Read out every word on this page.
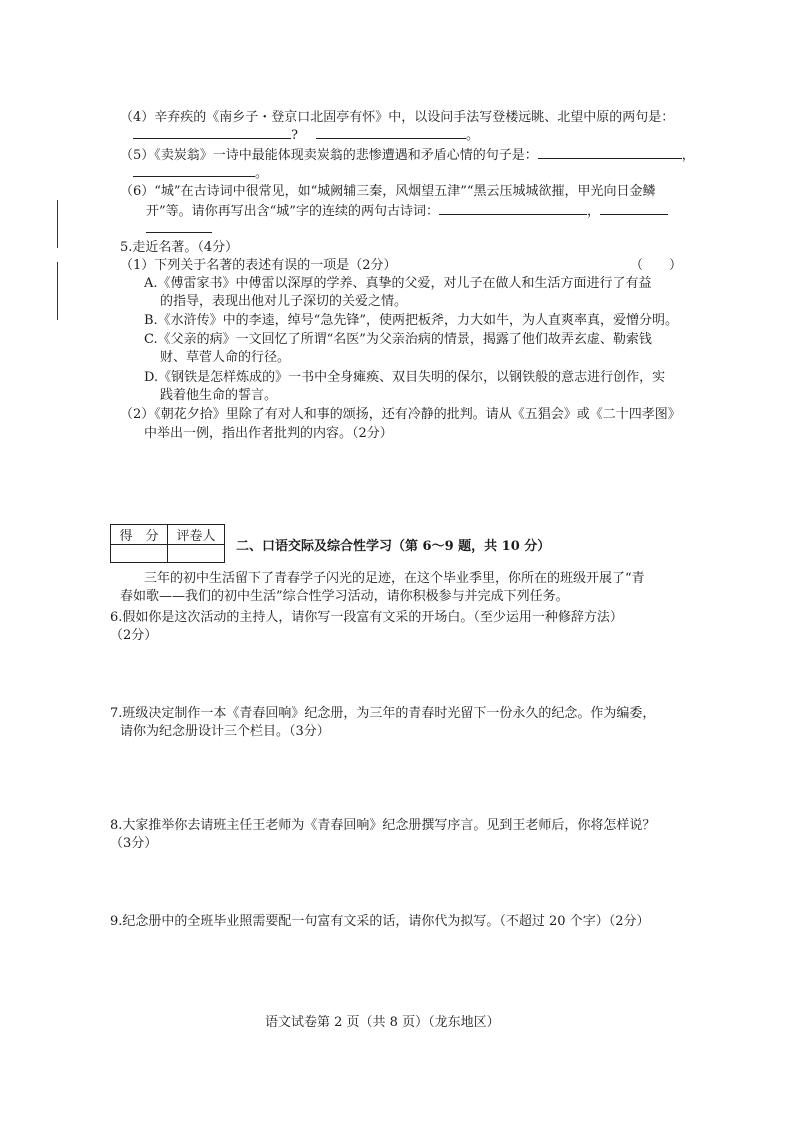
（4）辛弃疾的《南乡子・登京口北固亭有怀》中，以设问手法写登楼远眺、北望中原的两句是：
?	。
（5）《卖炭翁》一诗中最能体现卖炭翁的悲惨遭遇和矛盾心情的句子是：	，
。
（6）“城”在古诗词中很常见，如“城阙辅三秦，风烟望五津”“黑云压城城欲摧，甲光向日金鳞
开”等。请你再写出含“城”字的连续的两句古诗词：	，
5.走近名著。（4分）
（1）下列关于名著的表述有误的一项是（2分）	（　　）
A.《傅雷家书》中傅雷以深厚的学养、真挚的父爱，对儿子在做人和生活方面进行了有益
的指导，表现出他对儿子深切的关爱之情。
B.《水浒传》中的李逵，绰号“急先锋”，使两把板斧，力大如牛，为人直爽率真，爱憎分明。
C.《父亲的病》一文回忆了所谓“名医”为父亲治病的情景，揭露了他们故弄玄虚、勒索钱
财、草菅人命的行径。
D.《钢铁是怎样炼成的》一书中全身瘫痪、双目失明的保尔，以钢铁般的意志进行创作，实
践着他生命的誓言。
（2）《朝花夕拾》里除了有对人和事的颂扬，还有冷静的批判。请从《五猖会》或《二十四孝图》
中举出一例，指出作者批判的内容。（2分）
得　分	评卷人

二、口语交际及综合性学习（第 6～9 题，共 10 分）
三年的初中生活留下了青春学子闪光的足迹，在这个毕业季里，你所在的班级开展了“青
春如歌——我们的初中生活”综合性学习活动，请你积极参与并完成下列任务。
6.假如你是这次活动的主持人，请你写一段富有文采的开场白。（至少运用一种修辞方法）
（2分）
7.班级决定制作一本《青春回响》纪念册，为三年的青春时光留下一份永久的纪念。作为编委，
请你为纪念册设计三个栏目。（3分）
8.大家推举你去请班主任王老师为《青春回响》纪念册撰写序言。见到王老师后，你将怎样说？
（3分）
9.纪念册中的全班毕业照需要配一句富有文采的话，请你代为拟写。（不超过 20 个字）（2分）
语文试卷第 2 页（共 8 页）（龙东地区）
